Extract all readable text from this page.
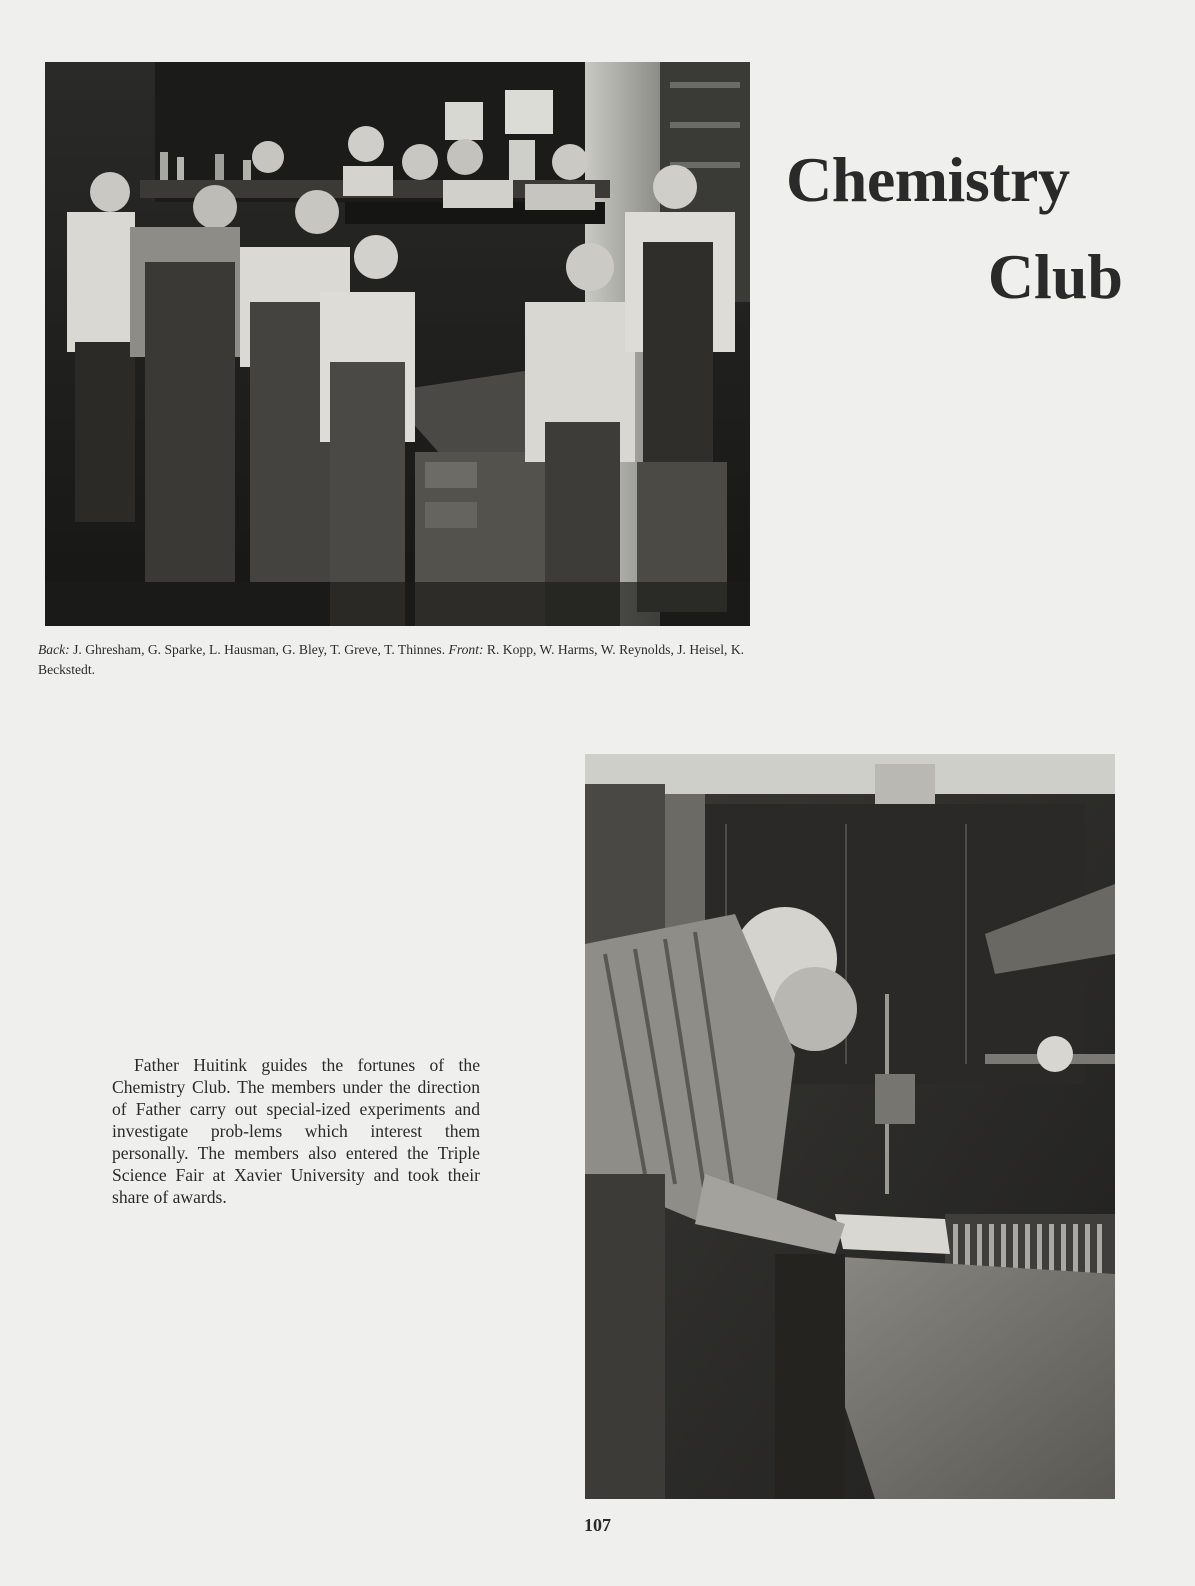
Chemistry
Club
Back: J. Ghresham, G. Sparke, L. Hausman, G. Bley, T. Greve, T. Thinnes. Front: R. Kopp, W. Harms, W. Reynolds, J. Heisel, K. Beckstedt.
Father Huitink guides the fortunes of the Chemistry Club. The members under the direction of Father carry out special-ized experiments and investigate prob-lems which interest them personally. The members also entered the Triple Science Fair at Xavier University and took their share of awards.
107
